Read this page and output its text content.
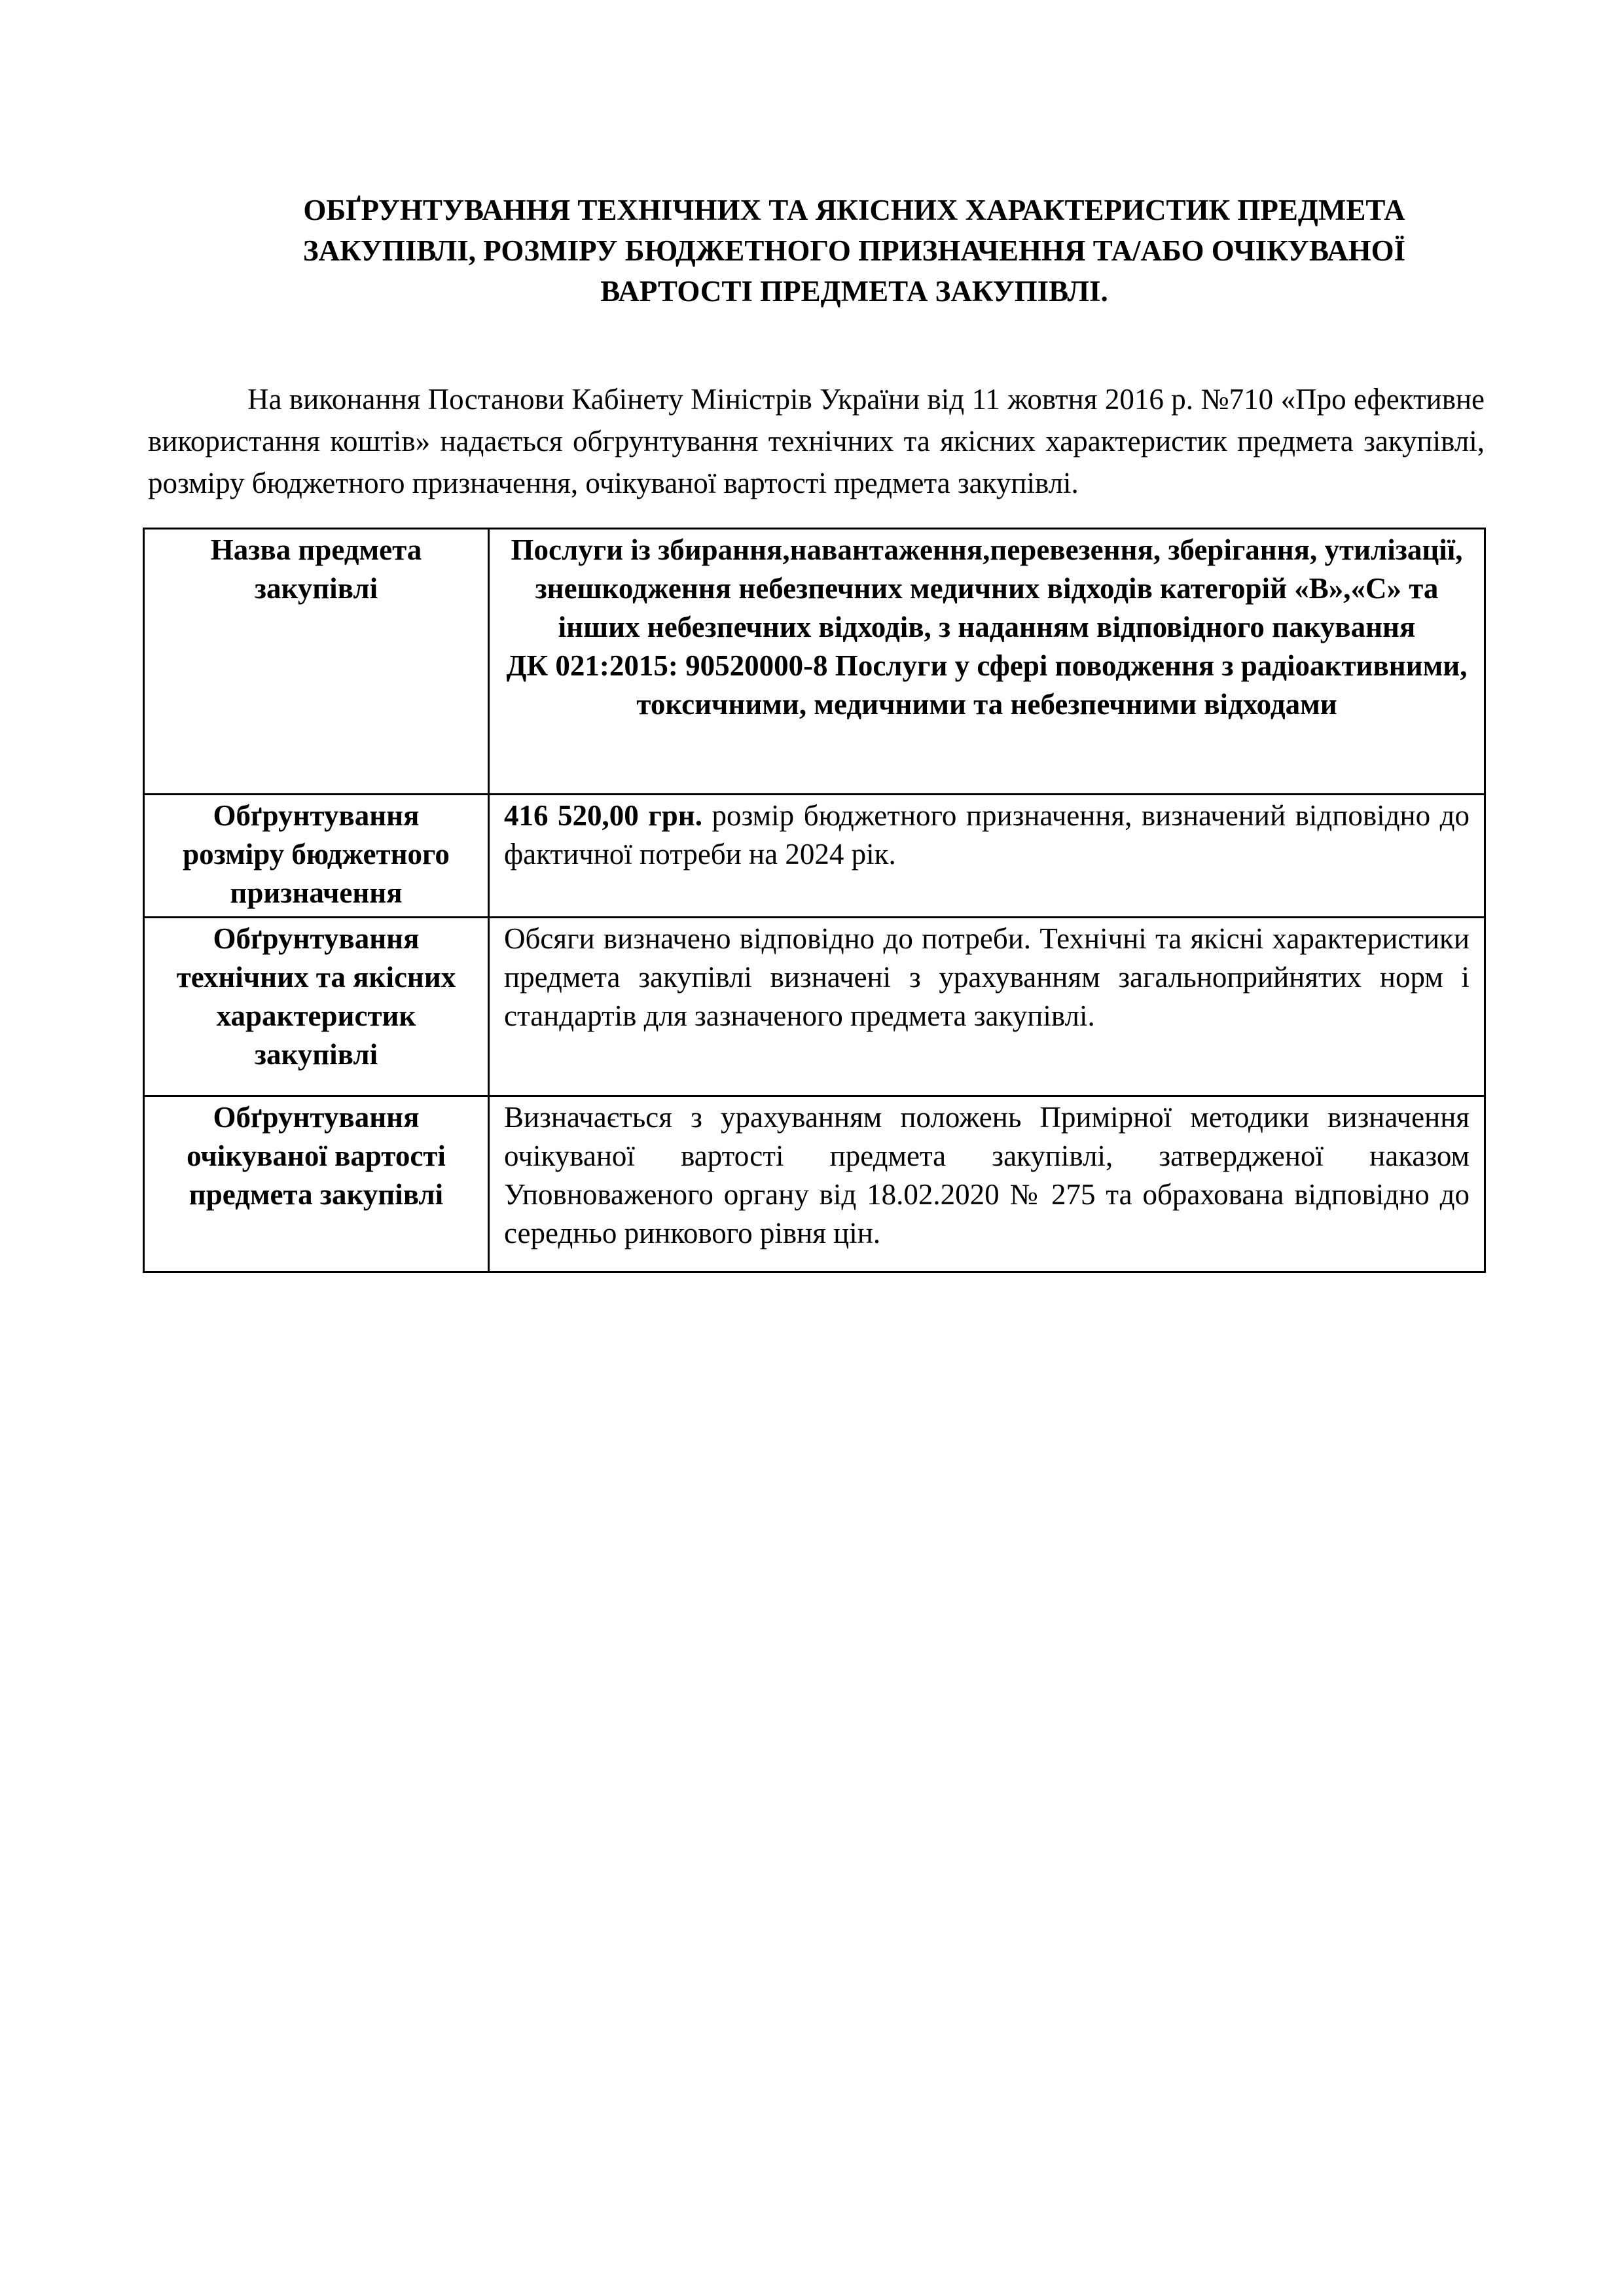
ОБҐРУНТУВАННЯ ТЕХНІЧНИХ ТА ЯКІСНИХ ХАРАКТЕРИСТИК ПРЕДМЕТА
ЗАКУПІВЛІ, РОЗМІРУ БЮДЖЕТНОГО ПРИЗНАЧЕННЯ ТА/АБО ОЧІКУВАНОЇ
ВАРТОСТІ ПРЕДМЕТА ЗАКУПІВЛІ.
На виконання Постанови Кабінету Міністрів України від 11 жовтня 2016 р. №710 «Про ефективне використання коштів» надається обгрунтування технічних та якісних характеристик предмета закупівлі, розміру бюджетного призначення, очікуваної вартості предмета закупівлі.
Назва предмета закупівлі	Послуги із збирання,навантаження,перевезення, зберігання, утилізації, знешкодження небезпечних медичних відходів категорій «В»,«С» та інших небезпечних відходів, з наданням відповідного пакування
ДК 021:2015: 90520000-8 Послуги у сфері поводження з радіоактивними, токсичними, медичними та небезпечними відходами
Обґрунтування розміру бюджетного призначення	416 520,00 грн. розмір бюджетного призначення, визначений відповідно до фактичної потреби на 2024 рік.
Обґрунтування технічних та якісних характеристик закупівлі	Обсяги визначено відповідно до потреби. Технічні та якісні характеристики предмета закупівлі визначені з урахуванням загальноприйнятих норм і стандартів для зазначеного предмета закупівлі.
Обґрунтування очікуваної вартості предмета закупівлі	Визначається з урахуванням положень Примірної методики визначення очікуваної вартості предмета закупівлі, затвердженої наказом Уповноваженого органу від 18.02.2020 № 275 та обрахована відповідно до середньо ринкового рівня цін.
